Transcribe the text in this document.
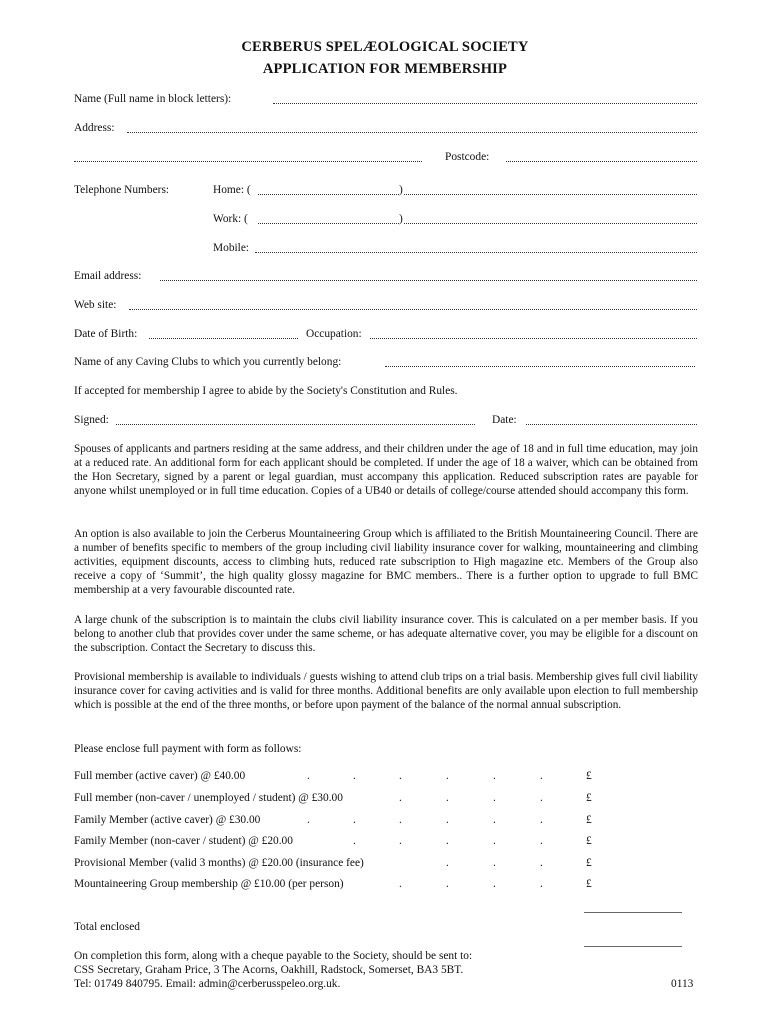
CERBERUS SPELÆOLOGICAL SOCIETY
APPLICATION FOR MEMBERSHIP
Name (Full name in block letters):
Address:
Postcode:
Telephone Numbers:	Home: (	)
Work: (	)
Mobile:
Email address:
Web site:
Date of Birth:	Occupation:
Name of any Caving Clubs to which you currently belong:
If accepted for membership I agree to abide by the Society's Constitution and Rules.
Signed:	Date:
Spouses of applicants and partners residing at the same address, and their children under the age of 18 and in full time education, may join at a reduced rate. An additional form for each applicant should be completed. If under the age of 18 a waiver, which can be obtained from the Hon Secretary, signed by a parent or legal guardian, must accompany this application. Reduced subscription rates are payable for anyone whilst unemployed or in full time education. Copies of a UB40 or details of college/course attended should accompany this form.
An option is also available to join the Cerberus Mountaineering Group which is affiliated to the British Mountaineering Council. There are a number of benefits specific to members of the group including civil liability insurance cover for walking, mountaineering and climbing activities, equipment discounts, access to climbing huts, reduced rate subscription to High magazine etc. Members of the Group also receive a copy of ‘Summit’, the high quality glossy magazine for BMC members.. There is a further option to upgrade to full BMC membership at a very favourable discounted rate.
A large chunk of the subscription is to maintain the clubs civil liability insurance cover. This is calculated on a per member basis. If you belong to another club that provides cover under the same scheme, or has adequate alternative cover, you may be eligible for a discount on the subscription. Contact the Secretary to discuss this.
Provisional membership is available to individuals / guests wishing to attend club trips on a trial basis. Membership gives full civil liability insurance cover for caving activities and is valid for three months. Additional benefits are only available upon election to full membership which is possible at the end of the three months, or before upon payment of the balance of the normal annual subscription.
Please enclose full payment with form as follows:
Full member (active caver) @ £40.00	.	.	.	.	.	.	£
Full member (non-caver / unemployed / student) @ £30.00	.	.	.	.	£
Family Member (active caver) @ £30.00	.	.	.	.	.	.	£
Family Member (non-caver / student) @ £20.00	.	.	.	.	.	£
Provisional Member (valid 3 months) @ £20.00 (insurance fee)	.	.	.	£
Mountaineering Group membership @ £10.00 (per person)	.	.	.	.	£
Total enclosed
On completion this form, along with a cheque payable to the Society, should be sent to:
CSS Secretary, Graham Price, 3 The Acorns, Oakhill, Radstock, Somerset, BA3 5BT.
Tel: 01749 840795. Email: admin@cerberusspeleo.org.uk.	0113
